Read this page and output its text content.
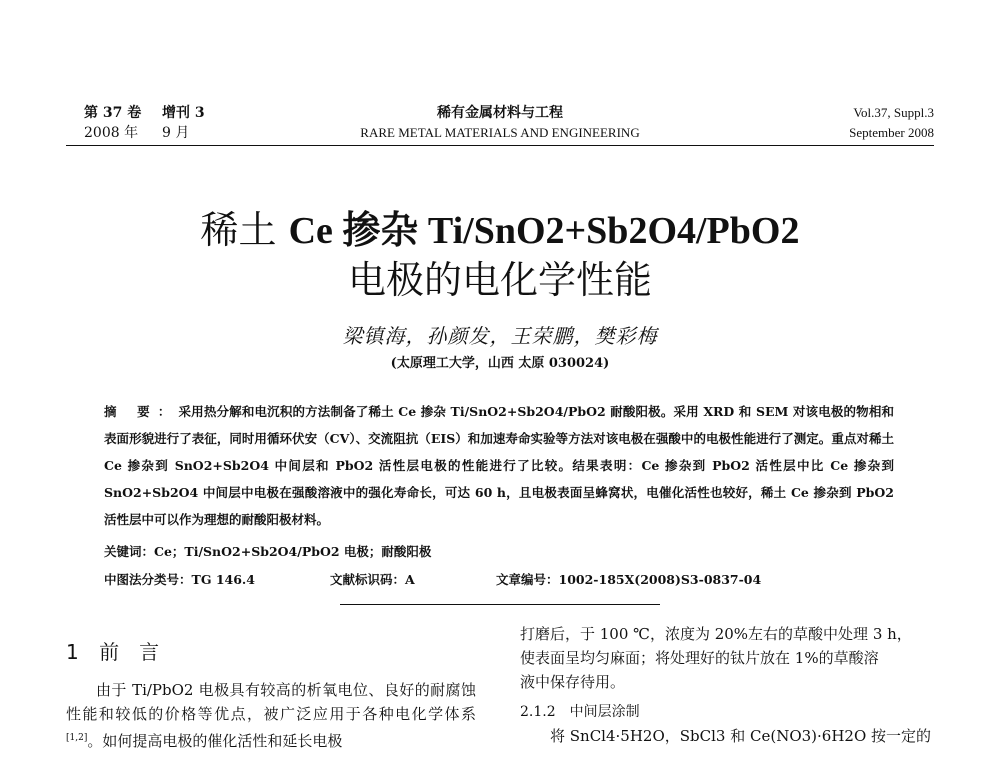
第 37 卷 增刊 3	稀有金属材料与工程	Vol.37, Suppl.3
2008 年 9 月	RARE METAL MATERIALS AND ENGINEERING	September 2008
稀土 Ce 掺杂 Ti/SnO2+Sb2O4/PbO2
电极的电化学性能
梁镇海，孙颜发，王荣鹏，樊彩梅
(太原理工大学，山西 太原 030024)
摘 要：采用热分解和电沉积的方法制备了稀土 Ce 掺杂 Ti/SnO2+Sb2O4/PbO2 耐酸阳极。采用 XRD 和 SEM 对该电极的物相和表面形貌进行了表征，同时用循环伏安（CV）、交流阻抗（EIS）和加速寿命实验等方法对该电极在强酸中的电极性能进行了测定。重点对稀土 Ce 掺杂到 SnO2+Sb2O4 中间层和 PbO2 活性层电极的性能进行了比较。结果表明：Ce 掺杂到 PbO2 活性层中比 Ce 掺杂到 SnO2+Sb2O4 中间层中电极在强酸溶液中的强化寿命长，可达 60 h，且电极表面呈蜂窝状，电催化活性也较好，稀土 Ce 掺杂到 PbO2 活性层中可以作为理想的耐酸阳极材料。
关键词：Ce；Ti/SnO2+Sb2O4/PbO2 电极；耐酸阳极
中图法分类号：TG 146.4	文献标识码：A	文章编号：1002-185X(2008)S3-0837-04
1 前　言

由于 Ti/PbO2 电极具有较高的析氧电位、良好的耐腐蚀性能和较低的价格等优点，被广泛应用于各种电化学体系[1,2]。如何提高电极的催化活性和延长电极

打磨后，于 100 ℃，浓度为 20%左右的草酸中处理 3 h，

使表面呈均匀麻面；将处理好的钛片放在 1%的草酸溶

液中保存待用。

2.1.2　中间层涂制

将 SnCl4·5H2O，SbCl3 和 Ce(NO3)·6H2O 按一定的
